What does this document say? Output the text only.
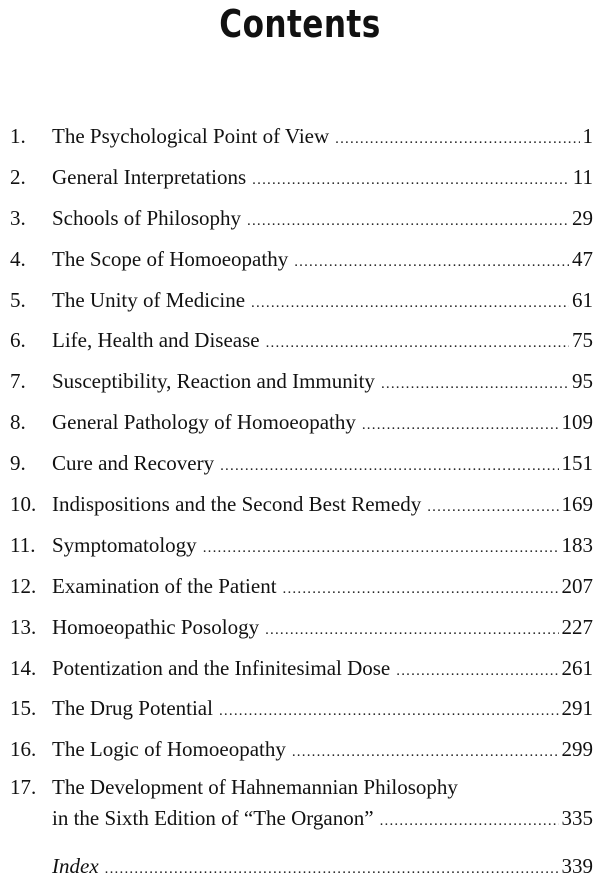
Contents
1. The Psychological Point of View .....	1
2. General Interpretations .....	11
3. Schools of Philosophy .....	29
4. The Scope of Homoeopathy .....	47
5. The Unity of Medicine .....	61
6. Life, Health and Disease .....	75
7. Susceptibility, Reaction and Immunity .....	95
8. General Pathology of Homoeopathy .....	109
9. Cure and Recovery .....	151
10. Indispositions and the Second Best Remedy .....	169
11. Symptomatology .....	183
12. Examination of the Patient .....	207
13. Homoeopathic Posology .....	227
14. Potentization and the Infinitesimal Dose .....	261
15. The Drug Potential .....	291
16. The Logic of Homoeopathy .....	299
17. The Development of Hahnemannian Philosophy
in the Sixth Edition of “The Organon” .....	335
Index .....	339
